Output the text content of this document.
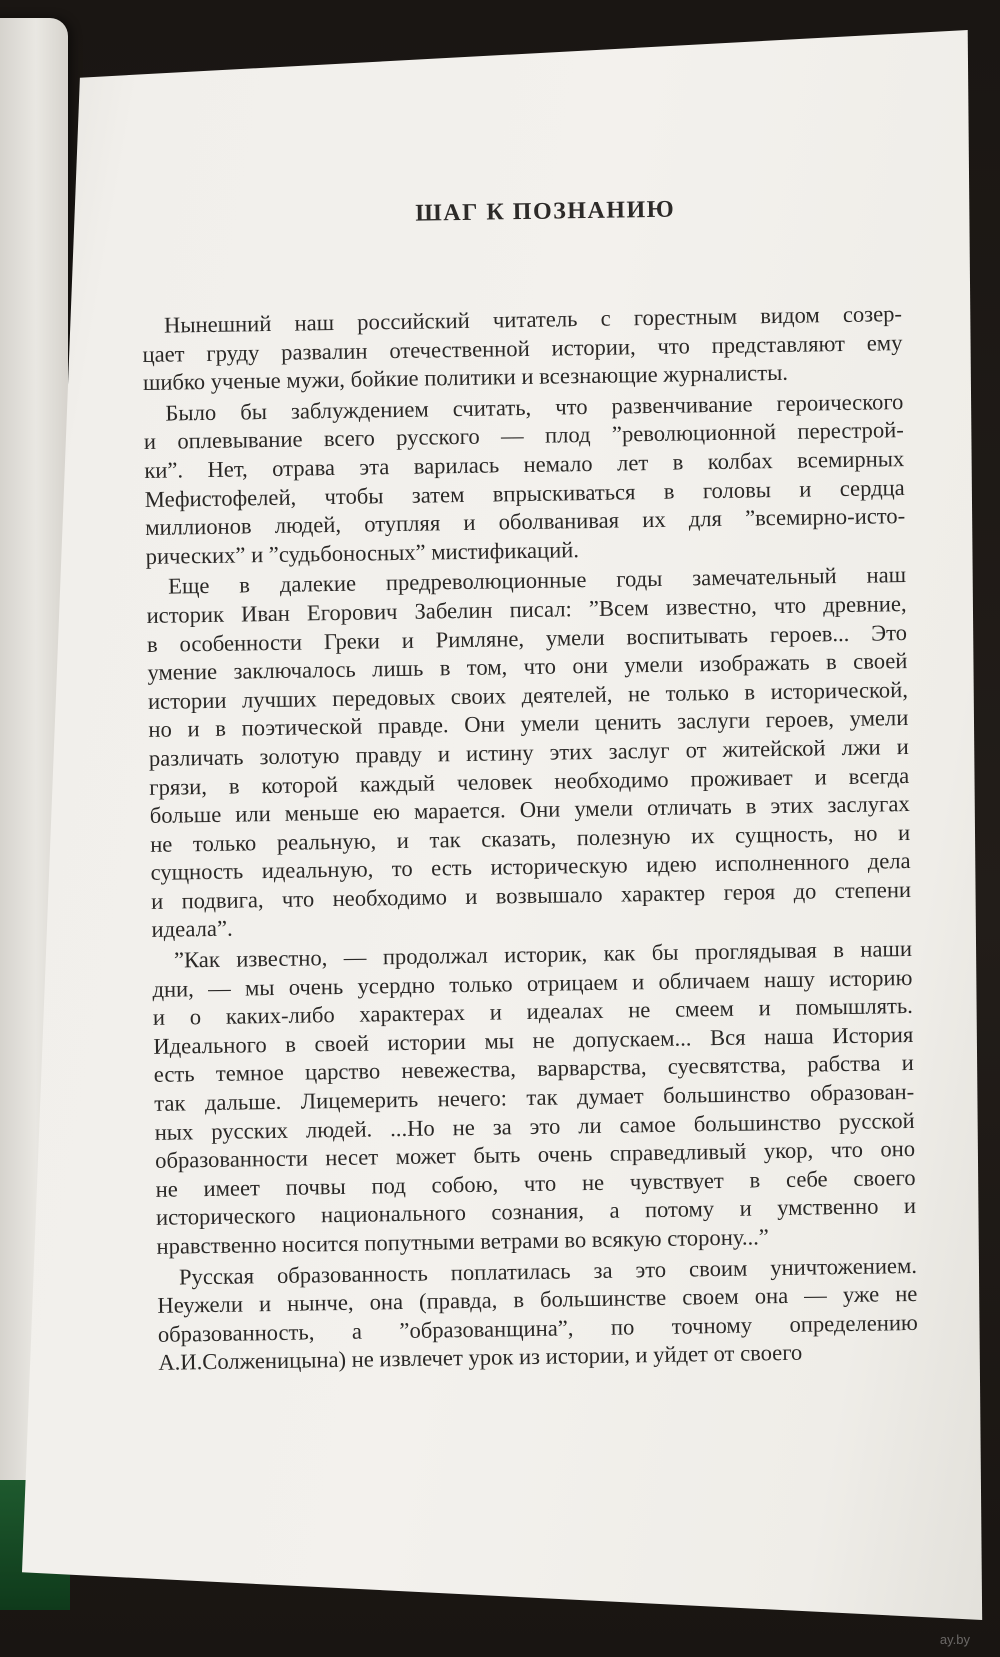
ШАГ К ПОЗНАНИЮ
Нынешний наш российский читатель с горестным видом созер-
цает груду развалин отечественной истории, что представляют ему
шибко ученые мужи, бойкие политики и всезнающие журналисты.
Было бы заблуждением считать, что развенчивание героического
и оплевывание всего русского — плод ”революционной перестрой-
ки”. Нет, отрава эта варилась немало лет в колбах всемирных
Мефистофелей, чтобы затем впрыскиваться в головы и сердца
миллионов людей, отупляя и оболванивая их для ”всемирно-исто-
рических” и ”судьбоносных” мистификаций.
Еще в далекие предреволюционные годы замечательный наш
историк Иван Егорович Забелин писал: ”Всем известно, что древние,
в особенности Греки и Римляне, умели воспитывать героев... Это
умение заключалось лишь в том, что они умели изображать в своей
истории лучших передовых своих деятелей, не только в исторической,
но и в поэтической правде. Они умели ценить заслуги героев, умели
различать золотую правду и истину этих заслуг от житейской лжи и
грязи, в которой каждый человек необходимо проживает и всегда
больше или меньше ею марается. Они умели отличать в этих заслугах
не только реальную, и так сказать, полезную их сущность, но и
сущность идеальную, то есть историческую идею исполненного дела
и подвига, что необходимо и возвышало характер героя до степени
идеала”.
”Как известно, — продолжал историк, как бы проглядывая в наши
дни, — мы очень усердно только отрицаем и обличаем нашу историю
и о каких-либо характерах и идеалах не смеем и помышлять.
Идеального в своей истории мы не допускаем... Вся наша История
есть темное царство невежества, варварства, суесвятства, рабства и
так дальше. Лицемерить нечего: так думает большинство образован-
ных русских людей. ...Но не за это ли самое большинство русской
образованности несет может быть очень справедливый укор, что оно
не имеет почвы под собою, что не чувствует в себе своего
исторического национального сознания, а потому и умственно и
нравственно носится попутными ветрами во всякую сторону...”
Русская образованность поплатилась за это своим уничтожением.
Неужели и нынче, она (правда, в большинстве своем она — уже не
образованность, а ”образованщина”, по точному определению
А.И.Солженицына) не извлечет урок из истории, и уйдет от своего
ay.by
